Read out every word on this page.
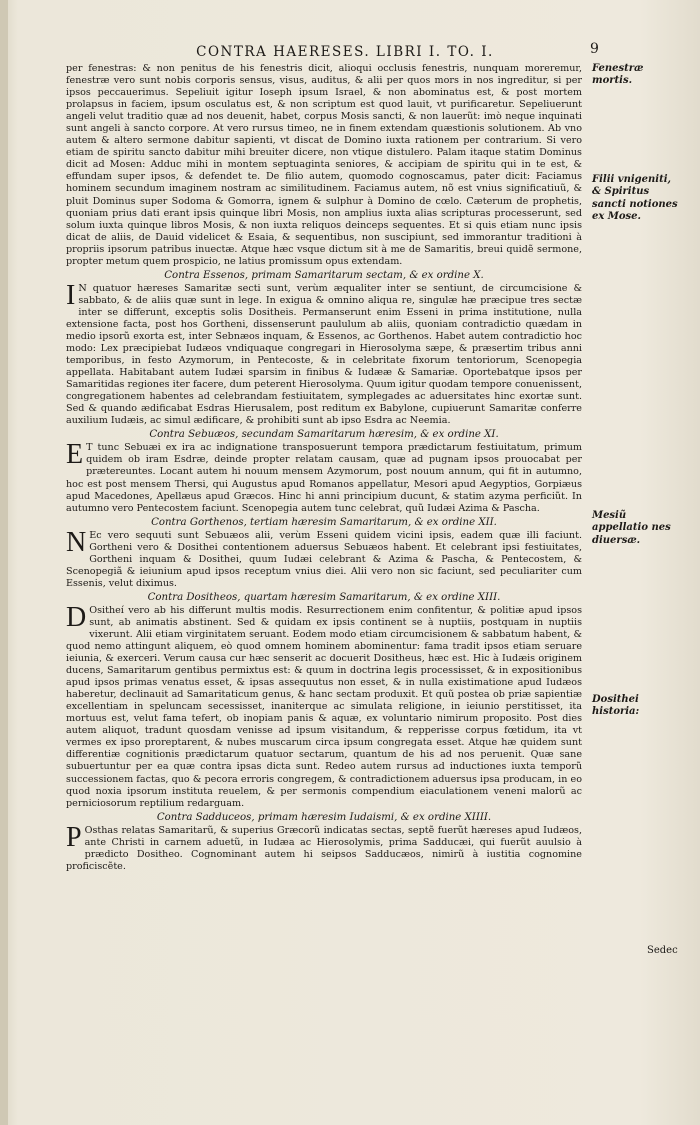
CONTRA HAERESES. LIBRI I. TO. I.	9

per fenestras: & non penitus de his fenestris dicit, alioqui occlusis fenestris, nunquam moreremur, fenestræ vero sunt nobis corporis sensus, visus, auditus, & alii per quos mors in nos ingreditur, si per ipsos peccauerimus. Sepeliuit igitur Ioseph ipsum Israel, & non abominatus est, & post mortem prolapsus in faciem, ipsum osculatus est, & non scriptum est quod lauit, vt purificaretur. Sepeliuerunt angeli velut traditio quæ ad nos deuenit, habet, corpus Mosis sancti, & non lauerũt: imò neque inquinati sunt angeli à sancto corpore. At vero rursus timeo, ne in finem extendam quæstionis solutionem. Ab vno autem & altero sermone dabitur sapienti, vt discat de Domino iuxta rationem per contrarium. Si vero etiam de spiritu sancto dabitur mihi breuiter dicere, non vtique distulero. Palam itaque statim Dominus dicit ad Mosen: Adduc mihi in montem septuaginta seniores, & accipiam de spiritu qui in te est, & effundam super ipsos, & defendet te. De filio autem, quomodo cognoscamus, pater dicit: Faciamus hominem secundum imaginem nostram ac similitudinem. Faciamus autem, nõ est vnius significatiuũ, & pluit Dominus super Sodoma & Gomorra, ignem & sulphur à Domino de cœlo. Cæterum de prophetis, quoniam prius dati erant ipsis quinque libri Mosis, non amplius iuxta alias scripturas processerunt, sed solum iuxta quinque libros Mosis, & non iuxta reliquos deinceps sequentes. Et si quis etiam nunc ipsis dicat de aliis, de Dauid videlicet & Esaia, & sequentibus, non suscipiunt, sed immorantur traditioni à propriis ipsorum patribus inuectæ. Atque hæc vsque dictum sit à me de Samaritis, breui quidẽ sermone, propter metum quem prospicio, ne latius promissum opus extendam.

Contra Essenos, primam Samaritarum sectam, & ex ordine X.

I N quatuor hæreses Samaritæ secti sunt, verùm æqualiter inter se sentiunt, de circumcisione & sabbato, & de aliis quæ sunt in lege. In exigua & omnino aliqua re, singulæ hæ præcipue tres sectæ inter se differunt, exceptis solis Dositheis. Permanserunt enim Esseni in prima institutione, nulla extensione facta, post hos Gortheni, dissenserunt paululum ab aliis, quoniam contradictio quædam in medio ipsorũ exorta est, inter Sebnæos inquam, & Essenos, ac Gorthenos. Habet autem contradictio hoc modo: Lex præcipiebat Iudæos vndiquaque congregari in Hierosolyma sæpe, & præsertim tribus anni temporibus, in festo Azymorum, in Pentecoste, & in celebritate fixorum tentoriorum, Scenopegia appellata. Habitabant autem Iudæi sparsim in finibus & Iudææ & Samariæ. Oportebatque ipsos per Samaritidas regiones iter facere, dum peterent Hierosolyma. Quum igitur quodam tempore conuenissent, congregationem habentes ad celebrandam festiuitatem, symplegades ac aduersitates hinc exortæ sunt. Sed & quando ædificabat Esdras Hierusalem, post reditum ex Babylone, cupiuerunt Samaritæ conferre auxilium Iudæis, ac simul ædificare, & prohibiti sunt ab ipso Esdra ac Neemia.

Contra Sebuæos, secundam Samaritarum hæresim, & ex ordine XI.

E T tunc Sebuæi ex ira ac indignatione transposuerunt tempora prædictarum festiuitatum, primum quidem ob iram Esdræ, deinde propter relatam causam, quæ ad pugnam ipsos prouocabat per prætereuntes. Locant autem hi nouum mensem Azymorum, post nouum annum, qui fit in autumno, hoc est post mensem Thersi, qui Augustus apud Romanos appellatur, Mesori apud Aegyptios, Gorpiæus apud Macedones, Apellæus apud Græcos. Hinc hi anni principium ducunt, & statim azyma perficiũt. In autumno vero Pentecostem faciunt. Scenopegia autem tunc celebrat, quũ Iudæi Azima & Pascha.

Contra Gorthenos, tertiam hæresim Samaritarum, & ex ordine XII.

N Ec vero sequuti sunt Sebuæos alii, verùm Esseni quidem vicini ipsis, eadem quæ illi faciunt. Gortheni vero & Dosithei contentionem aduersus Sebuæos habent. Et celebrant ipsi festiuitates, Gortheni inquam & Dosithei, quum Iudæi celebrant & Azima & Pascha, & Pentecostem, & Scenopegiã & ieiunium apud ipsos receptum vnius diei. Alii vero non sic faciunt, sed peculiariter cum Essenis, velut diximus.

Contra Dositheos, quartam hæresim Samaritarum, & ex ordine XIII.

D Ositheí vero ab his differunt multis modis. Resurrectionem enim confitentur, & politiæ apud ipsos sunt, ab animatis abstinent. Sed & quidam ex ipsis continent se à nuptiis, postquam in nuptiis vixerunt. Alii etiam virginitatem seruant. Eodem modo etiam circumcisionem & sabbatum habent, & quod nemo attingunt aliquem, eò quod omnem hominem abominentur: fama tradit ipsos etiam seruare ieiunia, & exerceri. Verum causa cur hæc senserit ac docuerit Dositheus, hæc est. Hic à Iudæis originem ducens, Samaritarum gentibus permixtus est: & quum in doctrina legis processisset, & in expositionibus apud ipsos primas venatus esset, & ipsas assequutus non esset, & in nulla existimatione apud Iudæos haberetur, declinauit ad Samaritaticum genus, & hanc sectam produxit. Et quũ postea ob priæ sapientiæ excellentiam in speluncam secessisset, inaniterque ac simulata religione, in ieiunio perstitisset, ita mortuus est, velut fama tefert, ob inopiam panis & aquæ, ex voluntario nimirum proposito. Post dies autem aliquot, tradunt quosdam venisse ad ipsum visitandum, & repperisse corpus fœtidum, ita vt vermes ex ipso proreptarent, & nubes muscarum circa ipsum congregata esset. Atque hæ quidem sunt differentiæ cognitionis prædictarum quatuor sectarum, quantum de his ad nos peruenit. Quæ sane subuertuntur per ea quæ contra ipsas dicta sunt. Redeo autem rursus ad inductiones iuxta temporũ successionem factas, quo & pecora erroris congregem, & contradictionem aduersus ipsa producam, in eo quod noxia ipsorum instituta reuelem, & per sermonis compendium eiaculationem veneni malorũ ac perniciosorum reptilium redarguam.

Contra Sadduceos, primam hæresim Iudaismi, & ex ordine XIIII.

P Osthas relatas Samaritarũ, & superius Græcorũ indicatas sectas, septẽ fuerũt hæreses apud Iudæos, ante Christi in carnem aduetũ, in Iudæa ac Hierosolymis, prima Sadducæi, qui fuerũt auulsio à prædicto Dositheo. Cognominant autem hi seipsos Sadducæos, nimirũ à iustitia cognomine proficiscẽte.

Fenestræ mortis.
Filii vnigeniti, & Spiritus sancti notiones ex Mose.
Mesiũ appellatio nes diuersæ.
Dosithei historia:
Sedec
